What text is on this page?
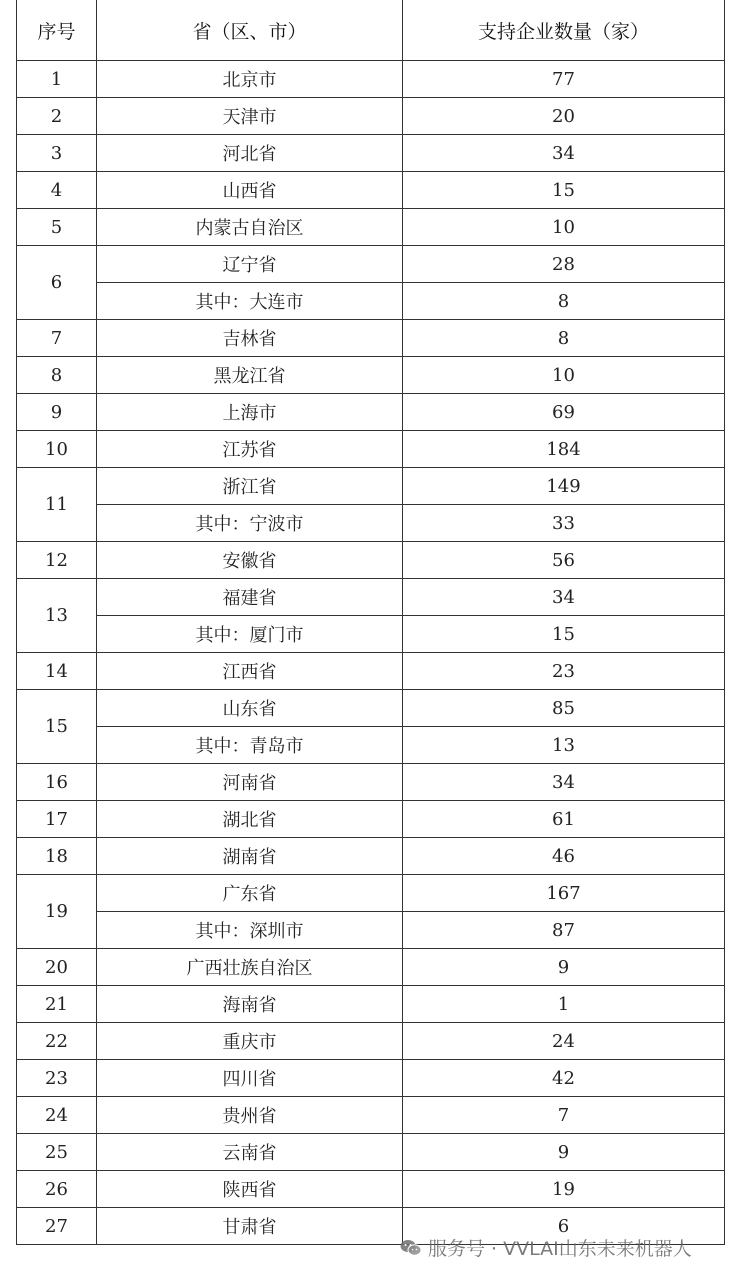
序号	省（区、市）	支持企业数量（家）
1	北京市	77
2	天津市	20
3	河北省	34
4	山西省	15
5	内蒙古自治区	10
6	辽宁省	28
	其中：大连市	8
7	吉林省	8
8	黑龙江省	10
9	上海市	69
10	江苏省	184
11	浙江省	149
	其中：宁波市	33
12	安徽省	56
13	福建省	34
	其中：厦门市	15
14	江西省	23
15	山东省	85
	其中：青岛市	13
16	河南省	34
17	湖北省	61
18	湖南省	46
19	广东省	167
	其中：深圳市	87
20	广西壮族自治区	9
21	海南省	1
22	重庆市	24
23	四川省	42
24	贵州省	7
25	云南省	9
26	陕西省	19
27	甘肃省	6
服务号 · VVLAI山东未来机器人
